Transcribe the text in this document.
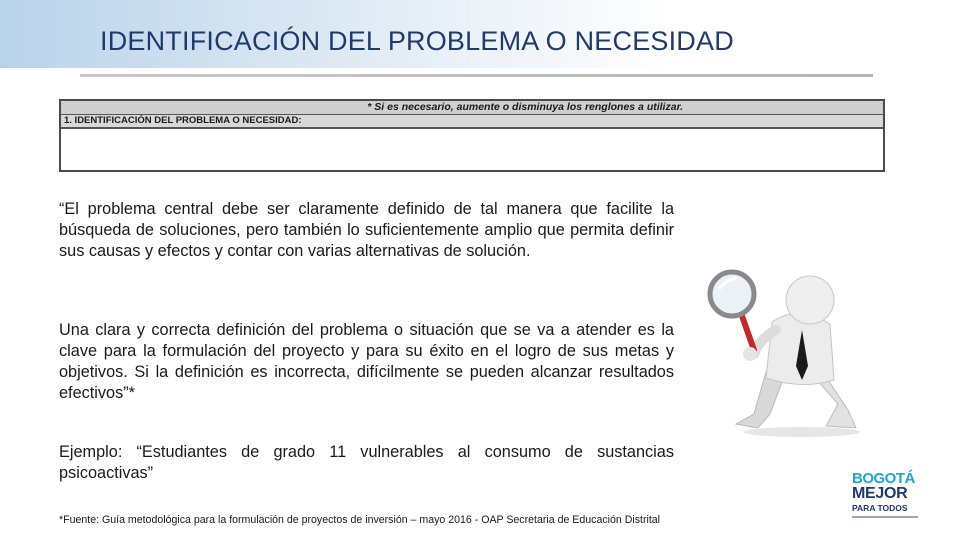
IDENTIFICACIÓN DEL PROBLEMA O NECESIDAD
* Si es necesario, aumente o disminuya los renglones a utilizar.
1. IDENTIFICACIÓN DEL PROBLEMA O NECESIDAD:

“El problema central debe ser claramente definido de tal manera que facilite la búsqueda de soluciones, pero también lo suficientemente amplio que permita definir sus causas y efectos y contar con varias alternativas de solución.

Una clara y correcta definición del problema o situación que se va a atender es la clave para la formulación del proyecto y para su éxito en el logro de sus metas y objetivos. Si la definición es incorrecta, difícilmente se pueden alcanzar resultados efectivos”*

Ejemplo: “Estudiantes de grado 11 vulnerables al consumo de sustancias psicoactivas”

*Fuente: Guía metodológica para la formulación de proyectos de inversión – mayo 2016 - OAP Secretaria de Educación Distrital

BOGOTÁ
MEJOR
PARA TODOS
